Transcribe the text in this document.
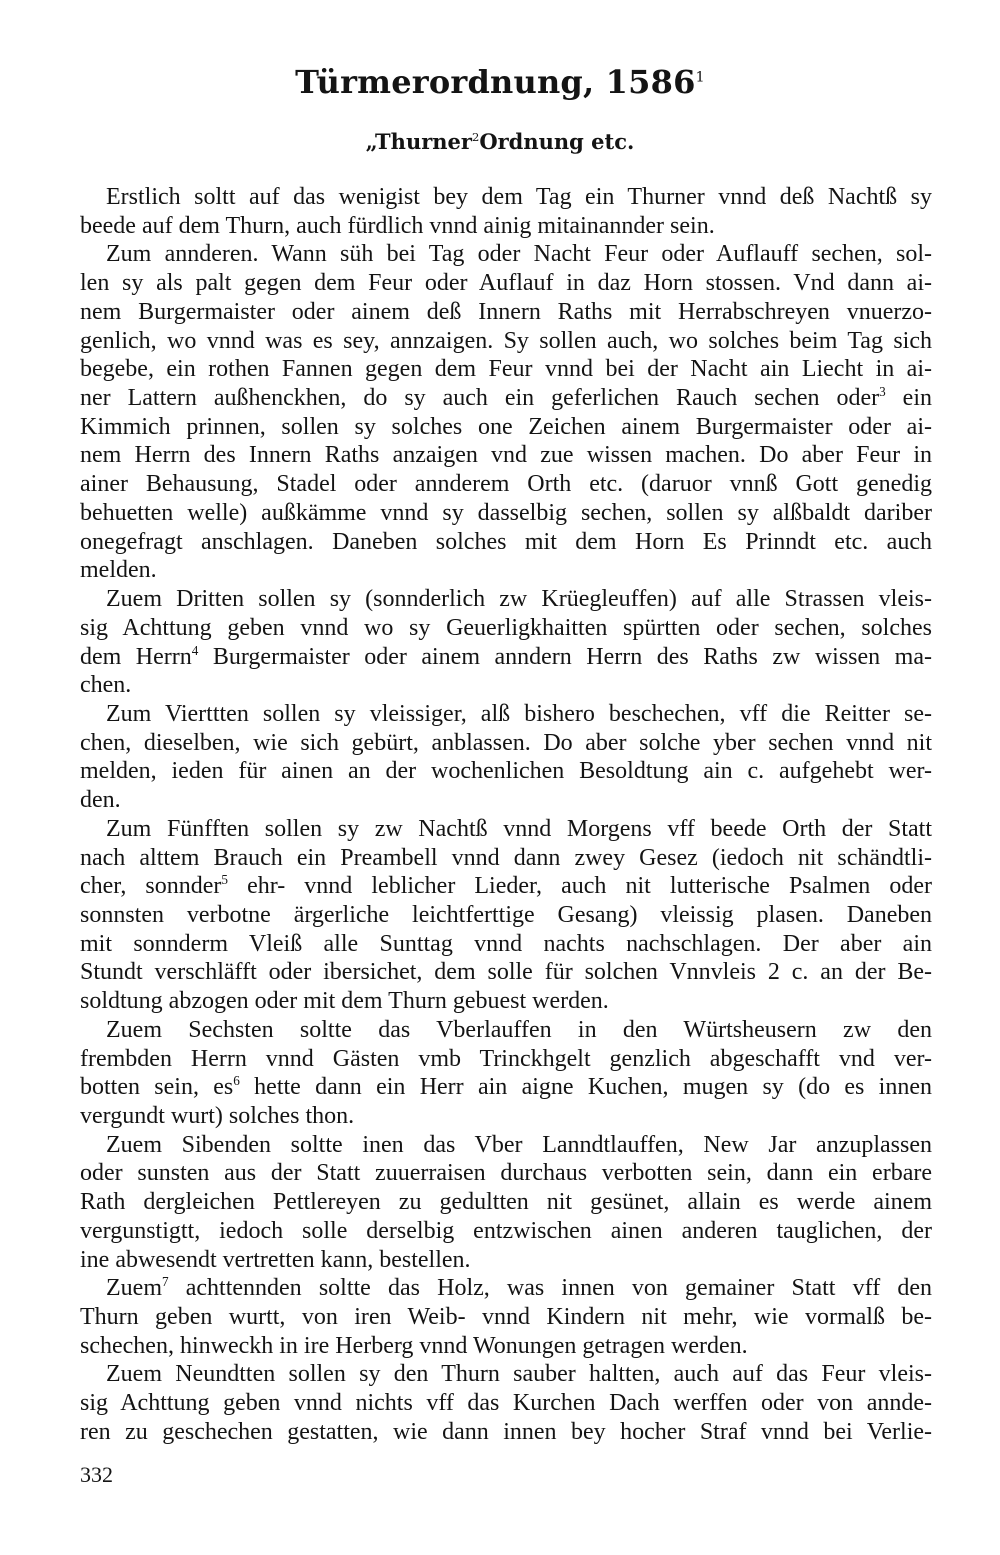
Türmerordnung, 1586$^1$
„Thurner$^2$Ordnung etc.
Erstlich soltt auf das wenigist bey dem Tag ein Thurner vnnd deß Nachtß sy
beede auf dem Thurn, auch fürdlich vnnd ainig mitainannder sein.
Zum annderen. Wann süh bei Tag oder Nacht Feur oder Auflauff sechen, sol-
len sy als palt gegen dem Feur oder Auflauf in daz Horn stossen. Vnd dann ai-
nem Burgermaister oder ainem deß Innern Raths mit Herrabschreyen vnuerzo-
genlich, wo vnnd was es sey, annzaigen. Sy sollen auch, wo solches beim Tag sich
begebe, ein rothen Fannen gegen dem Feur vnnd bei der Nacht ain Liecht in ai-
ner Lattern außhenckhen, do sy auch ein geferlichen Rauch sechen oder$^3$ ein
Kimmich prinnen, sollen sy solches one Zeichen ainem Burgermaister oder ai-
nem Herrn des Innern Raths anzaigen vnd zue wissen machen. Do aber Feur in
ainer Behausung, Stadel oder annderem Orth etc. (daruor vnnß Gott genedig
behuetten welle) außkämme vnnd sy dasselbig sechen, sollen sy alßbaldt dariber
onegefragt anschlagen. Daneben solches mit dem Horn Es Prinndt etc. auch
melden.
Zuem Dritten sollen sy (sonnderlich zw Krüegleuffen) auf alle Strassen vleis-
sig Achttung geben vnnd wo sy Geuerligkhaitten spürtten oder sechen, solches
dem Herrn$^4$ Burgermaister oder ainem anndern Herrn des Raths zw wissen ma-
chen.
Zum Vierttten sollen sy vleissiger, alß bishero beschechen, vff die Reitter se-
chen, dieselben, wie sich gebürt, anblassen. Do aber solche yber sechen vnnd nit
melden, ieden für ainen an der wochenlichen Besoldtung ain c. aufgehebt wer-
den.
Zum Fünfften sollen sy zw Nachtß vnnd Morgens vff beede Orth der Statt
nach alttem Brauch ein Preambell vnnd dann zwey Gesez (iedoch nit schändtli-
cher, sonnder$^5$ ehr- vnnd leblicher Lieder, auch nit lutterische Psalmen oder
sonnsten verbotne ärgerliche leichtferttige Gesang) vleissig plasen. Daneben
mit sonnderm Vleiß alle Sunttag vnnd nachts nachschlagen. Der aber ain
Stundt verschläfft oder ibersichet, dem solle für solchen Vnnvleis 2 c. an der Be-
soldtung abzogen oder mit dem Thurn gebuest werden.
Zuem Sechsten soltte das Vberlauffen in den Würtsheusern zw den
frembden Herrn vnnd Gästen vmb Trinckhgelt genzlich abgeschafft vnd ver-
botten sein, $es^6$ hette dann ein Herr ain aigne Kuchen, mugen sy (do es innen
vergundt wurt) solches thon.
Zuem Sibenden soltte inen das Vber Lanndtlauffen, New Jar anzuplassen
oder sunsten aus der Statt zuuerraisen durchaus verbotten sein, dann ein erbare
Rath dergleichen Pettlereyen zu gedultten nit gesünet, allain es werde ainem
vergunstigtt, iedoch solle derselbig entzwischen ainen anderen tauglichen, der
ine abwesendt vertretten kann, bestellen.
Zuem$^7$ achttennden soltte das Holz, was innen von gemainer Statt vff den
Thurn geben wurtt, von iren Weib- vnnd Kindern nit mehr, wie vormalß be-
schechen, hinweckh in ire Herberg vnnd Wonungen getragen werden.
Zuem Neundtten sollen sy den Thurn sauber haltten, auch auf das Feur vleis-
sig Achttung geben vnnd nichts vff das Kurchen Dach werffen oder von annde-
ren zu geschechen gestatten, wie dann innen bey hocher Straf vnnd bei Verlie-
332
